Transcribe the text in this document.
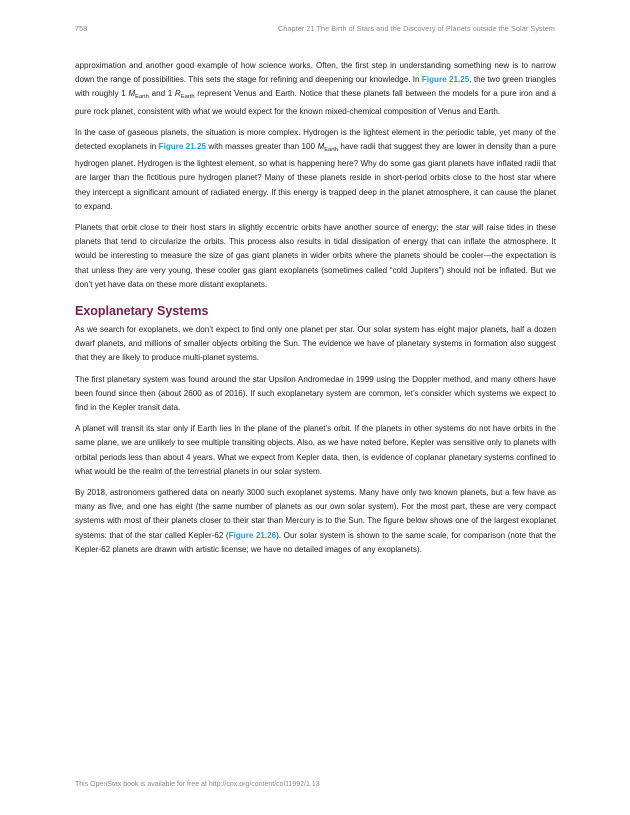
758	Chapter 21 The Birth of Stars and the Discovery of Planets outside the Solar System

approximation and another good example of how science works. Often, the first step in understanding something new is to narrow down the range of possibilities. This sets the stage for refining and deepening our knowledge. In Figure 21.25, the two green triangles with roughly 1 $M_{Earth}$ and 1 $R_{Earth}$ represent Venus and Earth. Notice that these planets fall between the models for a pure iron and a pure rock planet, consistent with what we would expect for the known mixed-chemical composition of Venus and Earth.

In the case of gaseous planets, the situation is more complex. Hydrogen is the lightest element in the periodic table, yet many of the detected exoplanets in Figure 21.25 with masses greater than 100 $M_{Earth}$ have radii that suggest they are lower in density than a pure hydrogen planet. Hydrogen is the lightest element, so what is happening here? Why do some gas giant planets have inflated radii that are larger than the fictitious pure hydrogen planet? Many of these planets reside in short-period orbits close to the host star where they intercept a significant amount of radiated energy. If this energy is trapped deep in the planet atmosphere, it can cause the planet to expand.

Planets that orbit close to their host stars in slightly eccentric orbits have another source of energy: the star will raise tides in these planets that tend to circularize the orbits. This process also results in tidal dissipation of energy that can inflate the atmosphere. It would be interesting to measure the size of gas giant planets in wider orbits where the planets should be cooler—the expectation is that unless they are very young, these cooler gas giant exoplanets (sometimes called “cold Jupiters”) should not be inflated. But we don’t yet have data on these more distant exoplanets.

Exoplanetary Systems

As we search for exoplanets, we don’t expect to find only one planet per star. Our solar system has eight major planets, half a dozen dwarf planets, and millions of smaller objects orbiting the Sun. The evidence we have of planetary systems in formation also suggest that they are likely to produce multi-planet systems.

The first planetary system was found around the star Upsilon Andromedae in 1999 using the Doppler method, and many others have been found since then (about 2600 as of 2016). If such exoplanetary system are common, let’s consider which systems we expect to find in the Kepler transit data.

A planet will transit its star only if Earth lies in the plane of the planet’s orbit. If the planets in other systems do not have orbits in the same plane, we are unlikely to see multiple transiting objects. Also, as we have noted before, Kepler was sensitive only to planets with orbital periods less than about 4 years. What we expect from Kepler data, then, is evidence of coplanar planetary systems confined to what would be the realm of the terrestrial planets in our solar system.

By 2018, astronomers gathered data on nearly 3000 such exoplanet systems. Many have only two known planets, but a few have as many as five, and one has eight (the same number of planets as our own solar system). For the most part, these are very compact systems with most of their planets closer to their star than Mercury is to the Sun. The figure below shows one of the largest exoplanet systems: that of the star called Kepler-62 (Figure 21.26). Our solar system is shown to the same scale, for comparison (note that the Kepler-62 planets are drawn with artistic license; we have no detailed images of any exoplanets).

This OpenStax book is available for free at http://cnx.org/content/col11992/1.13
